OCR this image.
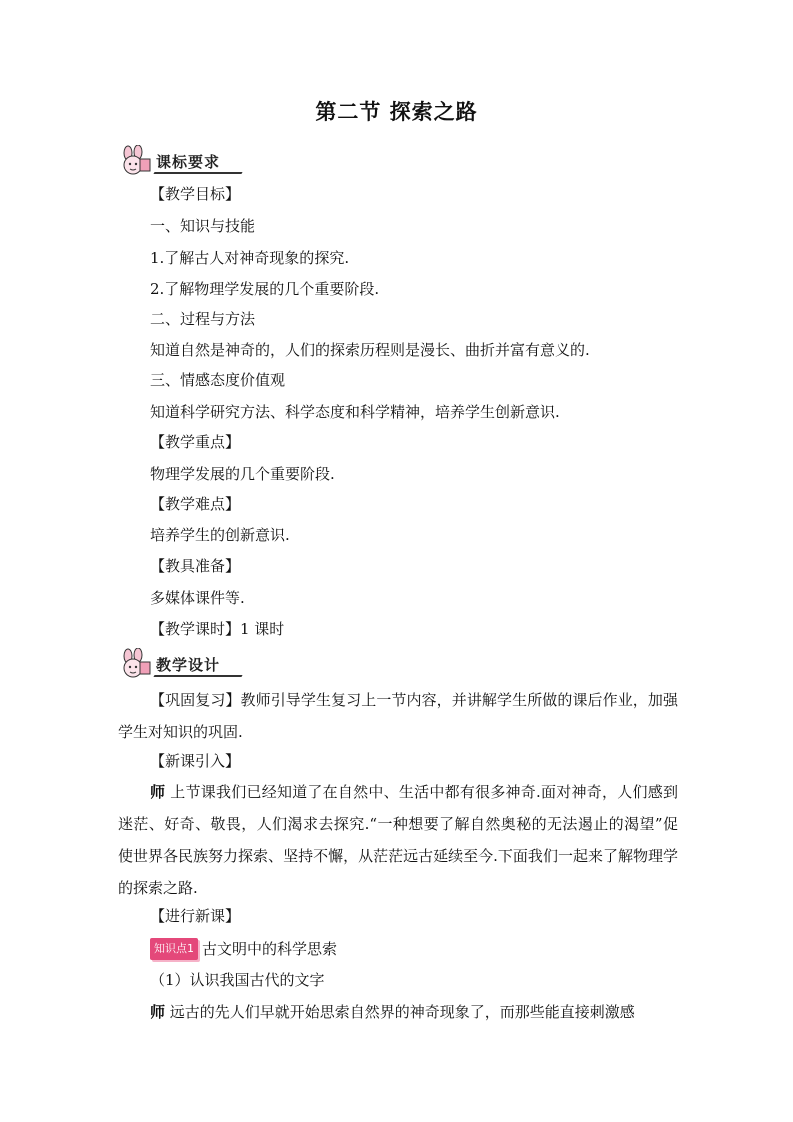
第二节 探索之路
课标要求
【教学目标】
一、知识与技能
1.了解古人对神奇现象的探究.
2.了解物理学发展的几个重要阶段.
二、过程与方法
知道自然是神奇的，人们的探索历程则是漫长、曲折并富有意义的.
三、情感态度价值观
知道科学研究方法、科学态度和科学精神，培养学生创新意识.
【教学重点】
物理学发展的几个重要阶段.
【教学难点】
培养学生的创新意识.
【教具准备】
多媒体课件等.
【教学课时】1 课时
教学设计
【巩固复习】教师引导学生复习上一节内容，并讲解学生所做的课后作业，加强学生对知识的巩固.
【新课引入】
师 上节课我们已经知道了在自然中、生活中都有很多神奇.面对神奇，人们感到迷茫、好奇、敬畏，人们渴求去探究.“一种想要了解自然奥秘的无法遏止的渴望”促使世界各民族努力探索、坚持不懈，从茫茫远古延续至今.下面我们一起来了解物理学的探索之路.
【进行新课】
知识点1 古文明中的科学思索
（1）认识我国古代的文字
师 远古的先人们早就开始思索自然界的神奇现象了，而那些能直接刺激感
